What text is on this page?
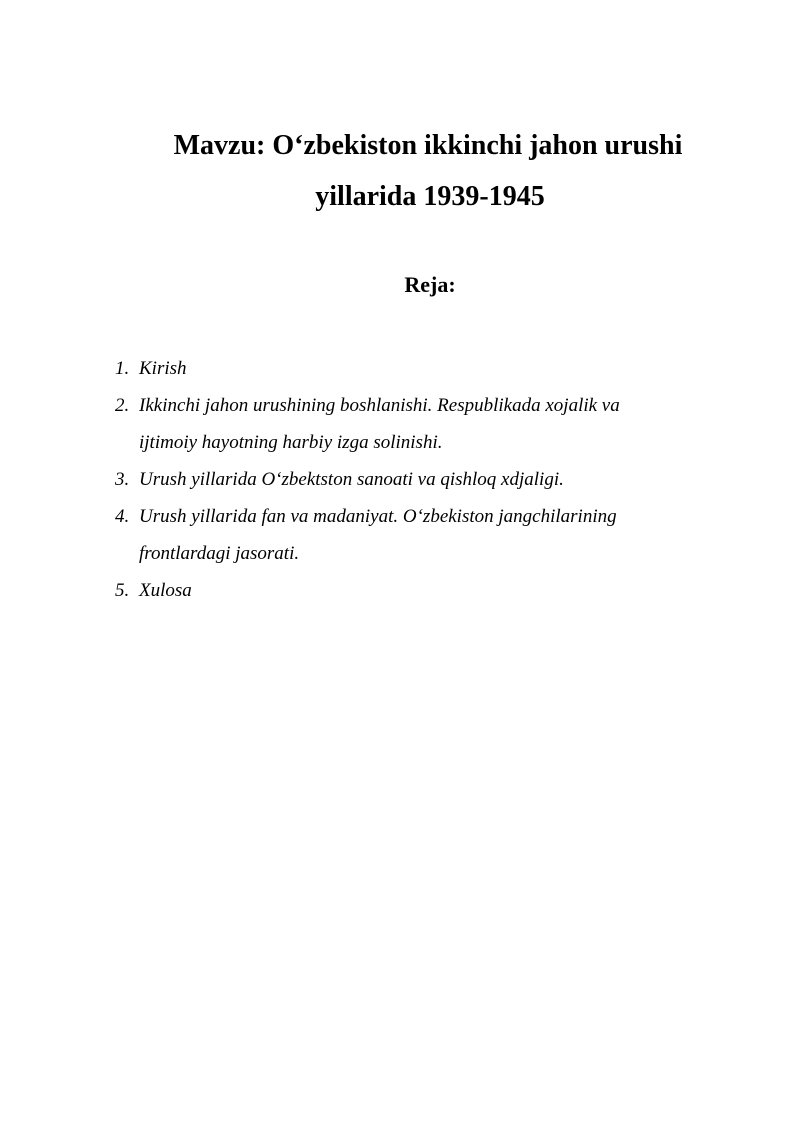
Mavzu: O‘zbekiston ikkinchi jahon urushi
yillarida 1939-1945
Reja:
1. Kirish
2. Ikkinchi jahon urushining boshlanishi. Respublikada xojalik va
ijtimoiy hayotning harbiy izga solinishi.
3. Urush yillarida O‘zbektston sanoati va qishloq xdjaligi.
4. Urush yillarida fan va madaniyat. O‘zbekiston jangchilarining
frontlardagi jasorati.
5. Xulosa
